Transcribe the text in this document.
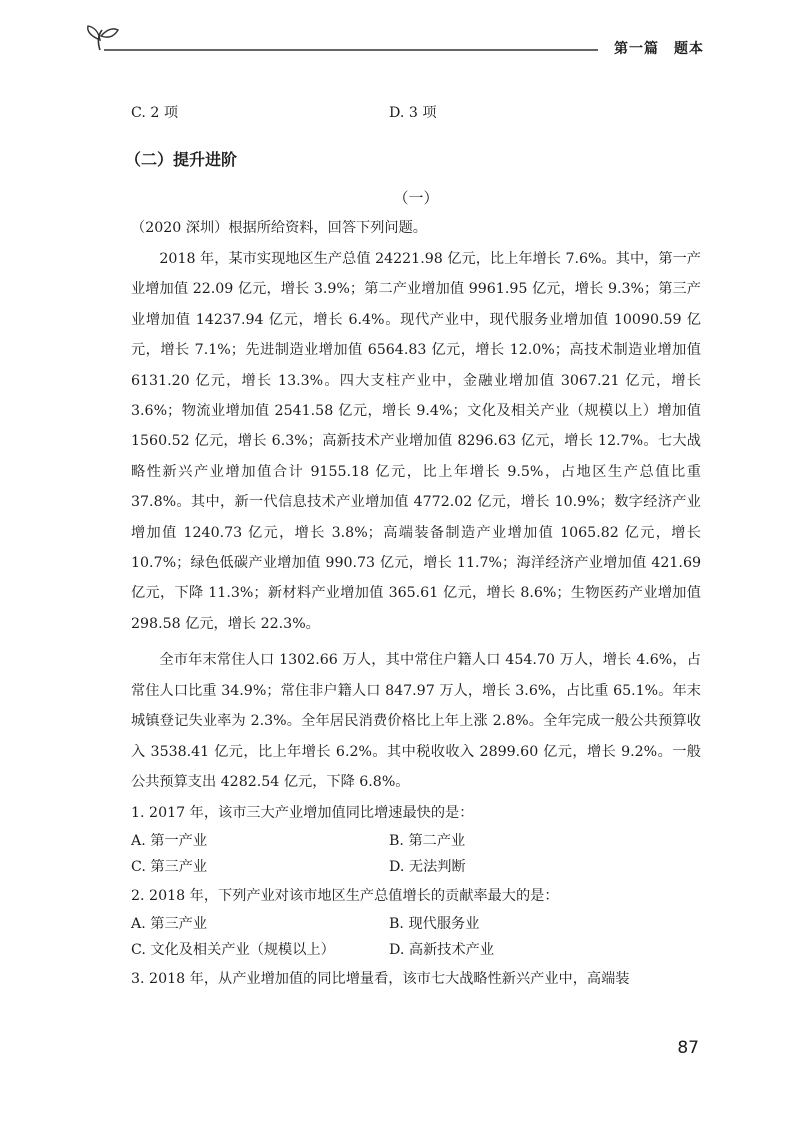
第一篇　题本
C. 2 项	D. 3 项
（二）提升进阶
（一）
（2020 深圳）根据所给资料，回答下列问题。

2018 年，某市实现地区生产总值 24221.98 亿元，比上年增长 7.6%。其中，第一产业增加值 22.09 亿元，增长 3.9%；第二产业增加值 9961.95 亿元，增长 9.3%；第三产业增加值 14237.94 亿元，增长 6.4%。现代产业中，现代服务业增加值 10090.59 亿元，增长 7.1%；先进制造业增加值 6564.83 亿元，增长 12.0%；高技术制造业增加值 6131.20 亿元，增长 13.3%。四大支柱产业中，金融业增加值 3067.21 亿元，增长 3.6%；物流业增加值 2541.58 亿元，增长 9.4%；文化及相关产业（规模以上）增加值 1560.52 亿元，增长 6.3%；高新技术产业增加值 8296.63 亿元，增长 12.7%。七大战略性新兴产业增加值合计 9155.18 亿元，比上年增长 9.5%，占地区生产总值比重 37.8%。其中，新一代信息技术产业增加值 4772.02 亿元，增长 10.9%；数字经济产业增加值 1240.73 亿元，增长 3.8%；高端装备制造产业增加值 1065.82 亿元，增长 10.7%；绿色低碳产业增加值 990.73 亿元，增长 11.7%；海洋经济产业增加值 421.69 亿元，下降 11.3%；新材料产业增加值 365.61 亿元，增长 8.6%；生物医药产业增加值 298.58 亿元，增长 22.3%。

全市年末常住人口 1302.66 万人，其中常住户籍人口 454.70 万人，增长 4.6%，占常住人口比重 34.9%；常住非户籍人口 847.97 万人，增长 3.6%，占比重 65.1%。年末城镇登记失业率为 2.3%。全年居民消费价格比上年上涨 2.8%。全年完成一般公共预算收入 3538.41 亿元，比上年增长 6.2%。其中税收收入 2899.60 亿元，增长 9.2%。一般公共预算支出 4282.54 亿元，下降 6.8%。

1. 2017 年，该市三大产业增加值同比增速最快的是：
A. 第一产业	B. 第二产业
C. 第三产业	D. 无法判断
2. 2018 年，下列产业对该市地区生产总值增长的贡献率最大的是：
A. 第三产业	B. 现代服务业
C. 文化及相关产业（规模以上）	D. 高新技术产业
3. 2018 年，从产业增加值的同比增量看，该市七大战略性新兴产业中，高端装
87
